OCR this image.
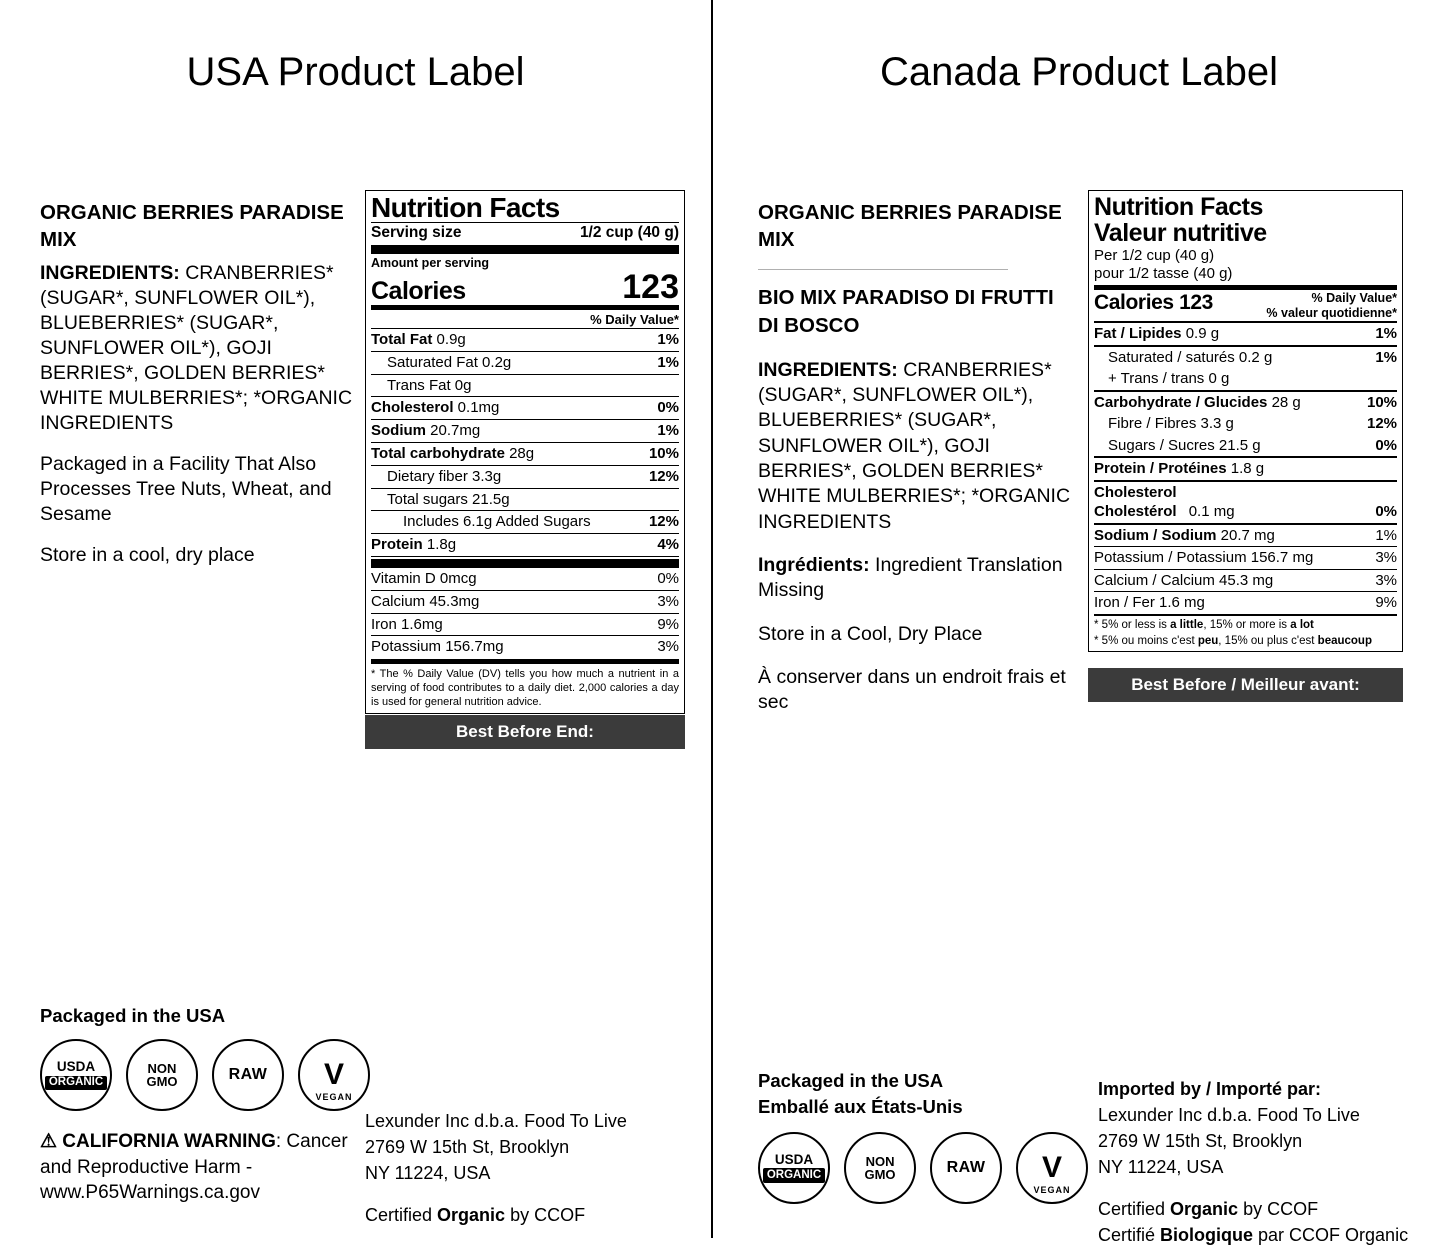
USA Product Label
ORGANIC BERRIES PARADISE MIX
INGREDIENTS: CRANBERRIES* (SUGAR*, SUNFLOWER OIL*), BLUEBERRIES* (SUGAR*, SUNFLOWER OIL*), GOJI BERRIES*, GOLDEN BERRIES* WHITE MULBERRIES*; *ORGANIC INGREDIENTS
Packaged in a Facility That Also Processes Tree Nuts, Wheat, and Sesame
Store in a cool, dry place
Nutrition Facts
Serving size	1/2 cup (40 g)
Amount per serving
Calories	123
% Daily Value*
Total Fat 0.9g	1%
Saturated Fat 0.2g	1%
Trans Fat 0g
Cholesterol 0.1mg	0%
Sodium 20.7mg	1%
Total carbohydrate 28g	10%
Dietary fiber 3.3g	12%
Total sugars 21.5g
Includes 6.1g Added Sugars	12%
Protein 1.8g	4%
Vitamin D 0mcg	0%
Calcium 45.3mg	3%
Iron 1.6mg	9%
Potassium 156.7mg	3%
* The % Daily Value (DV) tells you how much a nutrient in a serving of food contributes to a daily diet. 2,000 calories a day is used for general nutrition advice.
Best Before End:
Packaged in the USA
USDA
ORGANIC
NON
GMO	RAW V
VEGAN
⚠ CALIFORNIA WARNING: Cancer and Reproductive Harm - www.P65Warnings.ca.gov
Lexunder Inc d.b.a. Food To Live
2769 W 15th St, Brooklyn
NY 11224, USA
Certified Organic by CCOF
Canada Product Label
ORGANIC BERRIES PARADISE MIX
BIO MIX PARADISO DI FRUTTI DI BOSCO
INGREDIENTS: CRANBERRIES* (SUGAR*, SUNFLOWER OIL*), BLUEBERRIES* (SUGAR*, SUNFLOWER OIL*), GOJI BERRIES*, GOLDEN BERRIES* WHITE MULBERRIES*; *ORGANIC INGREDIENTS
Ingrédients: Ingredient Translation Missing
Store in a Cool, Dry Place
À conserver dans un endroit frais et sec
Nutrition Facts
Valeur nutritive
Per 1/2 cup (40 g)
pour 1/2 tasse (40 g)
Calories 123	% Daily Value*
% valeur quotidienne*
Fat / Lipides 0.9 g	1%
Saturated / saturés 0.2 g	1%
+ Trans / trans 0 g
Carbohydrate / Glucides 28 g	10%
Fibre / Fibres 3.3 g	12%
Sugars / Sucres 21.5 g	0%
Protein / Protéines 1.8 g
Cholesterol
Cholestérol 0.1 mg	0%
Sodium / Sodium 20.7 mg	1%
Potassium / Potassium 156.7 mg	3%
Calcium / Calcium 45.3 mg	3%
Iron / Fer 1.6 mg	9%
* 5% or less is a little, 15% or more is a lot
* 5% ou moins c'est peu, 15% ou plus c'est beaucoup
Best Before / Meilleur avant:
Packaged in the USA
Emballé aux États-Unis
USDA
ORGANIC
NON
GMO	RAW V
VEGAN
Imported by / Importé par:
Lexunder Inc d.b.a. Food To Live
2769 W 15th St, Brooklyn
NY 11224, USA
Certified Organic by CCOF
Certifié Biologique par CCOF Organic
